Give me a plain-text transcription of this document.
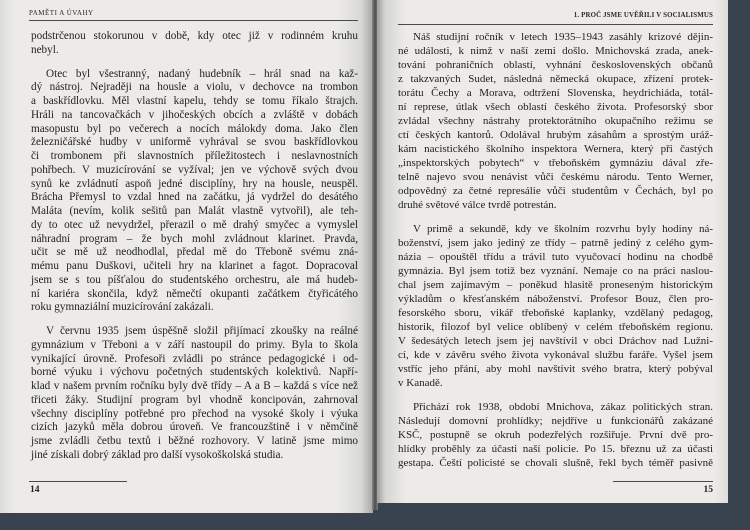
PAMĚTI A ÚVAHY
podstrčenou stokorunou v době, kdy otec již v rodinném kruhu
nebyl.
Otec byl všestranný, nadaný hudebník – hrál snad na kaž-
dý nástroj. Nejraději na housle a violu, v dechovce na trombon
a baskřídlovku. Měl vlastní kapelu, tehdy se tomu říkalo štrajch.
Hráli na tancovačkách v jihočeských obcích a zvláště v dobách
masopustu byl po večerech a nocích málokdy doma. Jako člen
železničářské hudby v uniformě vyhrával se svou baskřídlovkou
či trombonem při slavnostních příležitostech i neslavnostních
pohřbech. V muzicírování se vyžíval; jen ve výchově svých dvou
synů ke zvládnutí aspoň jedné disciplíny, hry na housle, neuspěl.
Brácha Přemysl to vzdal hned na začátku, já vydržel do desátého
Maláta (nevím, kolik sešitů pan Malát vlastně vytvořil), ale teh-
dy to otec už nevydržel, přerazil o mě drahý smyčec a vymyslel
náhradní program – že bych mohl zvládnout klarinet. Pravda,
učit se mě už neodhodlal, předal mě do Třeboně svému zná-
mému panu Duškovi, učiteli hry na klarinet a fagot. Dopracoval
jsem se s tou píšťalou do studentského orchestru, ale má hudeb-
ní kariéra skončila, když němečtí okupanti začátkem čtyřicátého
roku gymnaziální muzicírování zakázali.
V červnu 1935 jsem úspěšně složil přijímací zkoušky na reálné
gymnázium v Třeboni a v září nastoupil do primy. Byla to škola
vynikající úrovně. Profesoři zvládli po stránce pedagogické i od-
borné výuku i výchovu početných studentských kolektivů. Napří-
klad v našem prvním ročníku byly dvě třídy – A a B – každá s více než
třiceti žáky. Studijní program byl vhodně koncipován, zahrnoval
všechny disciplíny potřebné pro přechod na vysoké školy i výuka
cizích jazyků měla dobrou úroveň. Ve francouzštině i v němčině
jsme zvládli četbu textů i běžné rozhovory. V latině jsme mimo
jiné získali dobrý základ pro další vysokoškolská studia.
14
1. PROČ JSME UVĚŘILI V SOCIALISMUS
Náš studijní ročník v letech 1935–1943 zasáhly krizové dějin-
né události, k nimž v naší zemi došlo. Mnichovská zrada, anek-
tování pohraničních oblastí, vyhnání československých občanů
z takzvaných Sudet, následná německá okupace, zřízení protek-
torátu Čechy a Morava, odtržení Slovenska, heydrichiáda, totál-
ní represe, útlak všech oblastí českého života. Profesorský sbor
zvládal všechny nástrahy protektorátního okupačního režimu se
ctí českých kantorů. Odolával hrubým zásahům a sprostým uráž-
kám nacistického školního inspektora Wernera, který při častých
„inspektorských pobytech“ v třeboňském gymnáziu dával zře-
telně najevo svou nenávist vůči českému národu. Tento Werner,
odpovědný za četné represálie vůči studentům v Čechách, byl po
druhé světové válce tvrdě potrestán.
V primě a sekundě, kdy ve školním rozvrhu byly hodiny ná-
boženství, jsem jako jediný ze třídy – patrně jediný z celého gym-
názia – opouštěl třídu a trávil tuto vyučovací hodinu na chodbě
gymnázia. Byl jsem totiž bez vyznání. Nemaje co na práci naslou-
chal jsem zajímavým – poněkud hlasitě proneseným historickým
výkladům o křesťanském náboženství. Profesor Bouz, člen pro-
fesorského sboru, vikář třeboňské kaplanky, vzdělaný pedagog,
historik, filozof byl velice oblíbený v celém třeboňském regionu.
V šedesátých letech jsem jej navštívil v obci Dráchov nad Lužni-
cí, kde v závěru svého života vykonával službu faráře. Vyšel jsem
vstříc jeho přání, aby mohl navštívit svého bratra, který pobýval
v Kanadě.
Přichází rok 1938, období Mnichova, zákaz politických stran.
Následují domovní prohlídky; nejdříve u funkcionářů zakázané
KSČ, postupně se okruh podezřelých rozšiřuje. První dvě pro-
hlídky proběhly za účasti naší policie. Po 15. březnu už za účasti
gestapa. Čeští policisté se chovali slušně, řekl bych téměř pasivně
15
